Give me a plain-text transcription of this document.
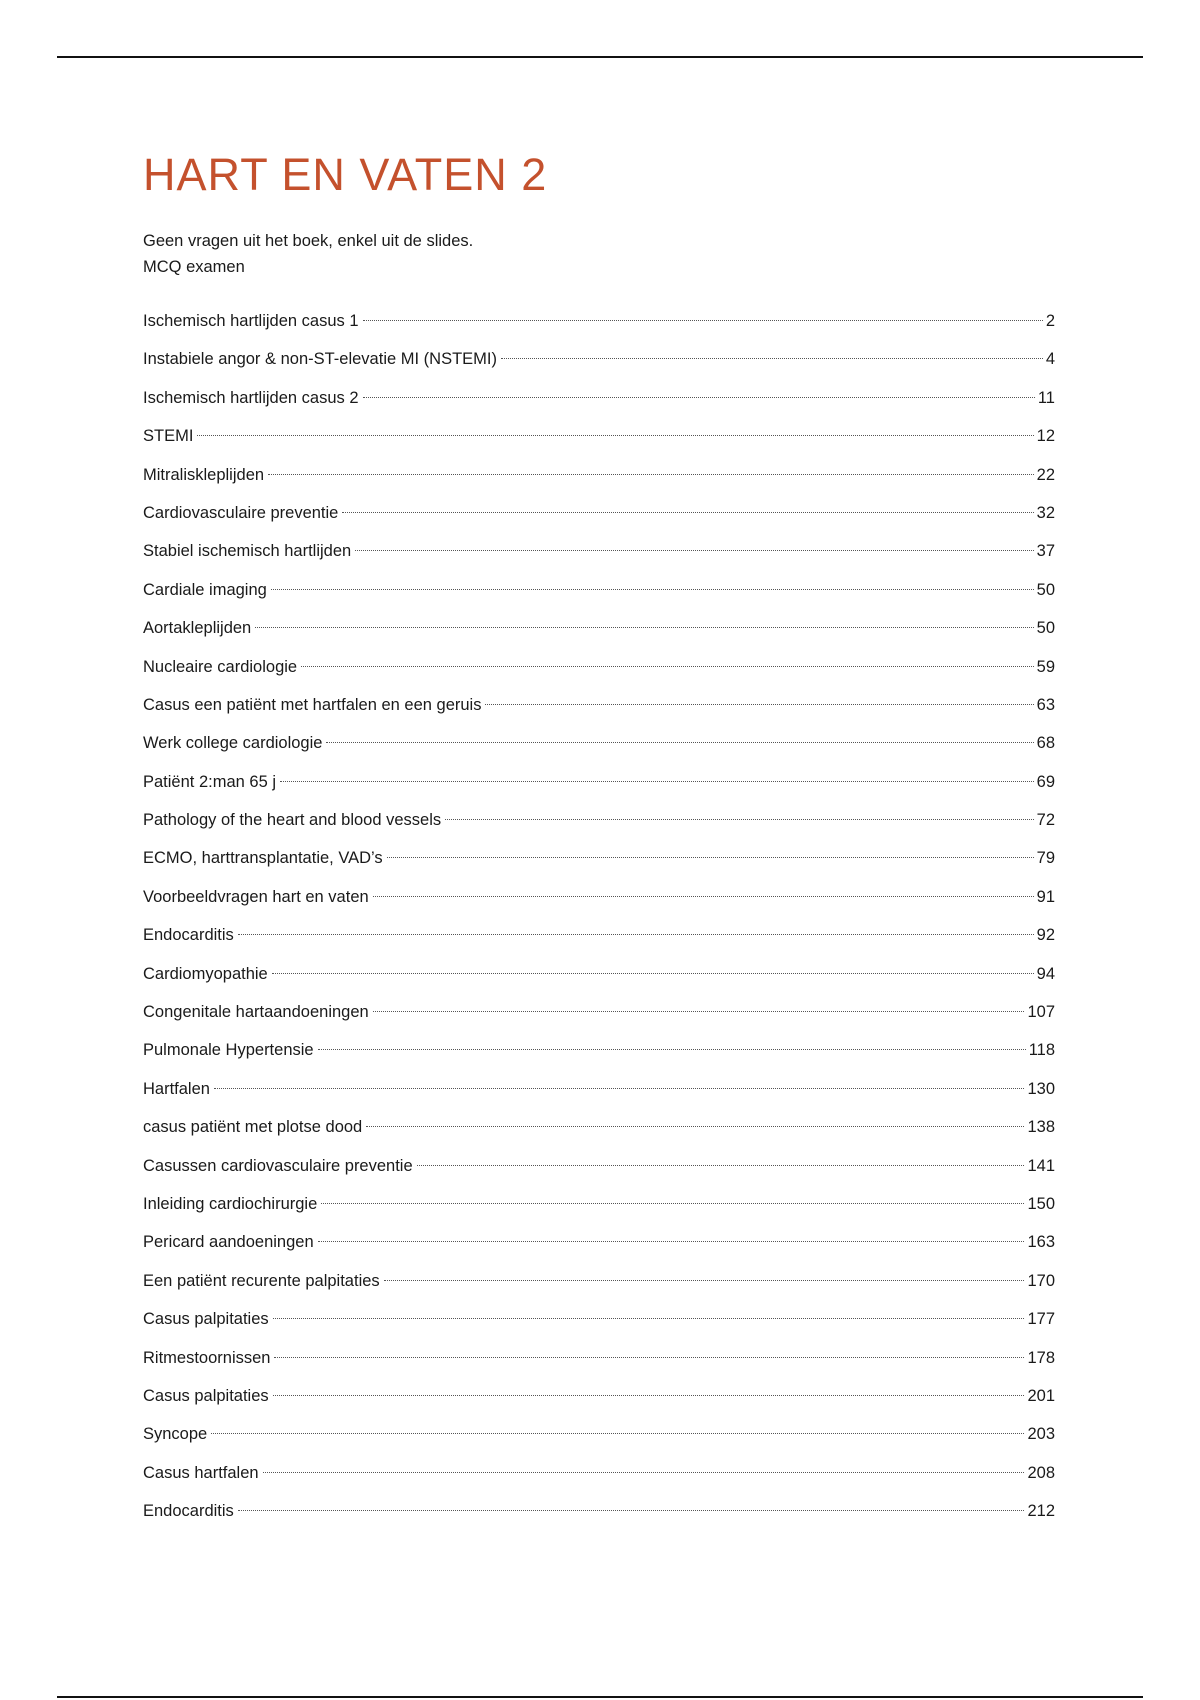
HART EN VATEN 2
Geen vragen uit het boek, enkel uit de slides.
MCQ examen
Ischemisch hartlijden casus 1	2
Instabiele angor & non-ST-elevatie MI (NSTEMI)	4
Ischemisch hartlijden casus 2	11
STEMI	12
Mitraliskleplijden	22
Cardiovasculaire preventie	32
Stabiel ischemisch hartlijden	37
Cardiale imaging	50
Aortakleplijden	50
Nucleaire cardiologie	59
Casus een patiënt met hartfalen en een geruis	63
Werk college cardiologie	68
Patiënt 2:man 65 j	69
Pathology of the heart and blood vessels	72
ECMO, harttransplantatie, VAD’s	79
Voorbeeldvragen hart en vaten	91
Endocarditis	92
Cardiomyopathie	94
Congenitale hartaandoeningen	107
Pulmonale Hypertensie	118
Hartfalen	130
casus patiënt met plotse dood	138
Casussen cardiovasculaire preventie	141
Inleiding cardiochirurgie	150
Pericard aandoeningen	163
Een patiënt recurente palpitaties	170
Casus palpitaties	177
Ritmestoornissen	178
Casus palpitaties	201
Syncope	203
Casus hartfalen	208
Endocarditis	212
